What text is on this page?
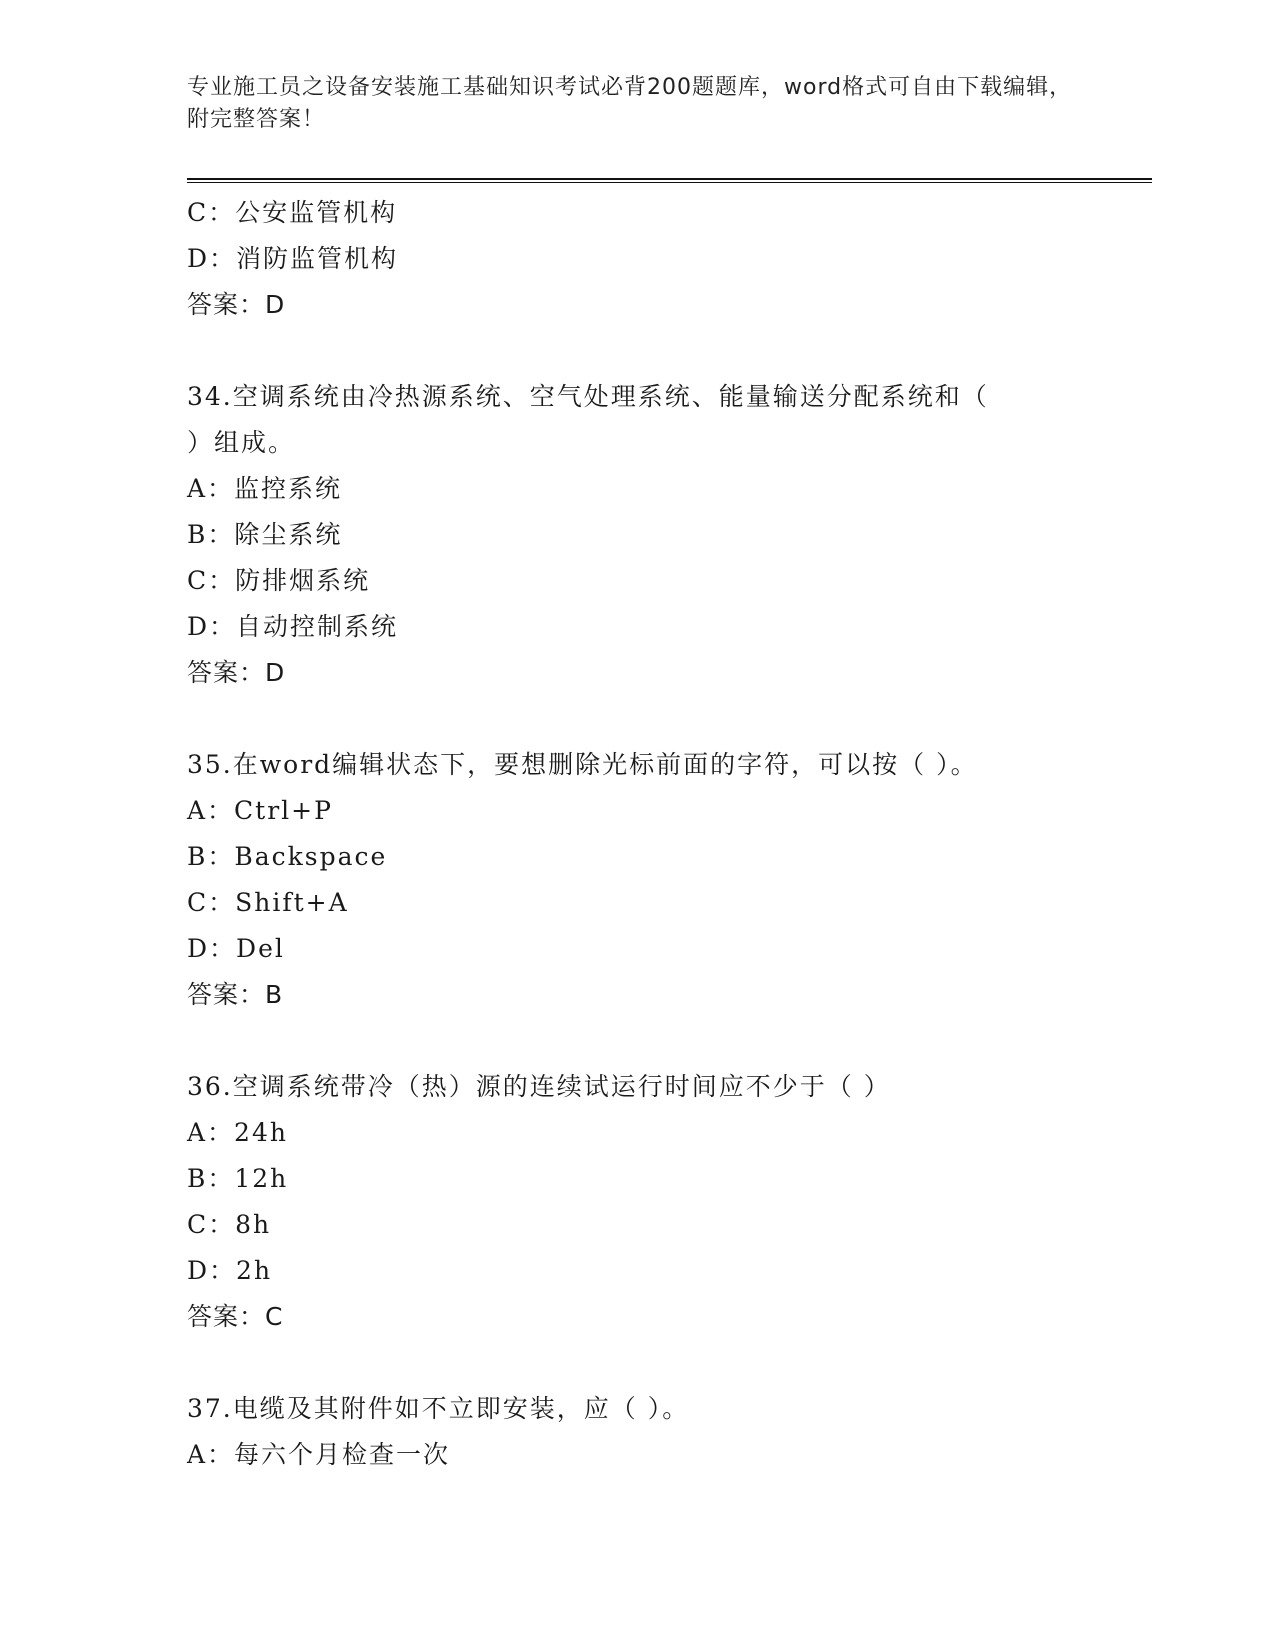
专业施工员之设备安装施工基础知识考试必背200题题库，word格式可自由下载编辑，附完整答案！
C：公安监管机构
D：消防监管机构
答案：D
34.空调系统由冷热源系统、空气处理系统、能量输送分配系统和（
）组成。
A：监控系统
B：除尘系统
C：防排烟系统
D：自动控制系统
答案：D
35.在word编辑状态下，要想删除光标前面的字符，可以按（ ）。
A：Ctrl+P
B：Backspace
C：Shift+A
D：Del
答案：B
36.空调系统带冷（热）源的连续试运行时间应不少于（ ）
A：24h
B：12h
C：8h
D：2h
答案：C
37.电缆及其附件如不立即安装，应（ ）。
A：每六个月检查一次
